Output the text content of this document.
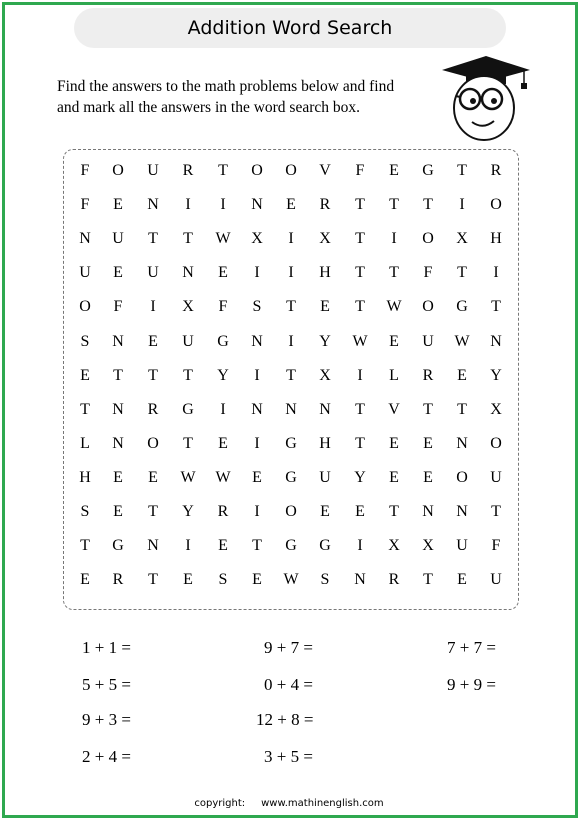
Addition Word Search
Find the answers to the math problems below and find
and mark all the answers in the word search box.
F	O	U	R	T	O	O	V	F	E	G	T	R
F	E	N	I	I	N	E	R	T	T	T	I	O
N	U	T	T	W	X	I	X	T	I	O	X	H
U	E	U	N	E	I	I	H	T	T	F	T	I
O	F	I	X	F	S	T	E	T	W	O	G	T
S	N	E	U	G	N	I	Y	W	E	U	W	N
E	T	T	T	Y	I	T	X	I	L	R	E	Y
T	N	R	G	I	N	N	N	T	V	T	T	X
L	N	O	T	E	I	G	H	T	E	E	N	O
H	E	E	W	W	E	G	U	Y	E	E	O	U
S	E	T	Y	R	I	O	E	E	T	N	N	T
T	G	N	I	E	T	G	G	I	X	X	U	F
E	R	T	E	S	E	W	S	N	R	T	E	U
1 + 1 =	9 + 7 =	7 + 7 =
5 + 5 =	0 + 4 =	9 + 9 =
9 + 3 =	12 + 8 =
2 + 4 =	3 + 5 =
copyright: www.mathinenglish.com
